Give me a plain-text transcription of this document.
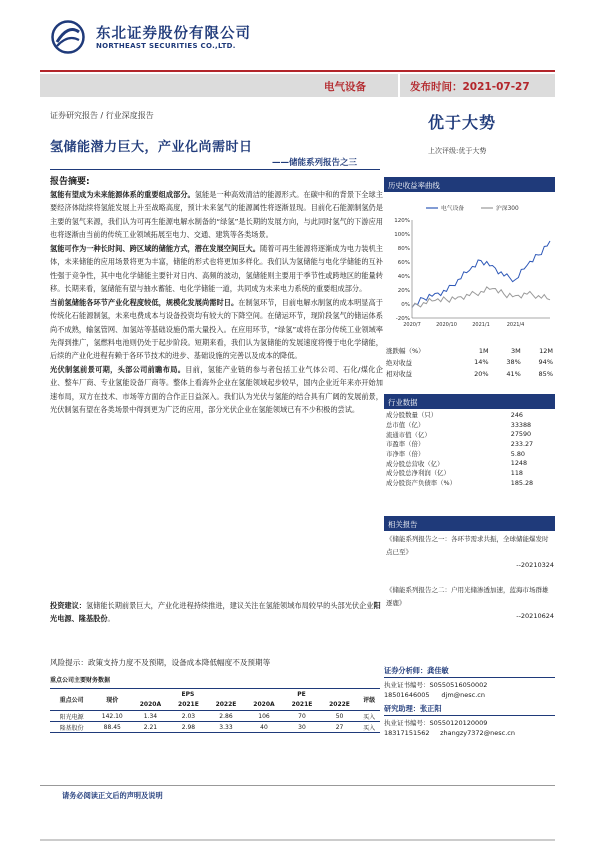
东北证券股份有限公司
NORTHEAST SECURITIES CO.,LTD.
电气设备	发布时间：2021-07-27
证券研究报告 / 行业深度报告	优于大势
上次评级:优于大势
氢储能潜力巨大，产业化尚需时日
——储能系列报告之三
报告摘要:

氢能有望成为未来能源体系的重要组成部分。氢能是一种高效清洁的能源形式。在碳中和的背景下全球主要经济体陆续将氢能发展上升至战略高度，预计未来氢气的能源属性将逐渐显现。目前化石能源制氢仍是主要的氢气来源，我们认为可再生能源电解水制备的“绿氢”是长期的发展方向，与此同时氢气的下游应用也将逐渐由当前的传统工业领域拓展至电力、交通、建筑等各类场景。

氢能可作为一种长时间、跨区域的储能方式，潜在发展空间巨大。随着可再生能源将逐渐成为电力装机主体，未来储能的应用场景将更为丰富，储能的形式也将更加多样化。我们认为氢储能与电化学储能的互补性强于竞争性，其中电化学储能主要针对日内、高频的波动，氢储能则主要用于季节性或跨地区的能量转移。长期来看，氢储能有望与抽水蓄能、电化学储能一道，共同成为未来电力系统的重要组成部分。

当前氢储能各环节产业化程度较低，规模化发展尚需时日。在制氢环节，目前电解水制氢的成本明显高于传统化石能源制氢，未来电费成本与设备投资均有较大的下降空间。在储运环节，现阶段氢气的储运体系尚不成熟，输氢管网、加氢站等基础设施仍需大量投入。在应用环节，“绿氢”或将在部分传统工业领域率先得到推广，氢燃料电池则仍处于起步阶段。短期来看，我们认为氢储能的发展速度将慢于电化学储能，后续的产业化进程有赖于各环节技术的进步、基础设施的完善以及成本的降低。

光伏制氢前景可期，头部公司前瞻布局。目前，氢能产业链的参与者包括工业气体公司、石化/煤化企业、整车厂商、专业氢能设备厂商等。整体上看海外企业在氢能领域起步较早，国内企业近年来亦开始加速布局，双方在技术、市场等方面的合作正日益深入。我们认为光伏与氢能的结合具有广阔的发展前景，光伏制氢有望在各类场景中得到更为广泛的应用，部分光伏企业在氢能领域已有不少积极的尝试。

投资建议：氢储能长期前景巨大，产业化进程持续推进，建议关注在氢能领域布局较早的头部光伏企业阳光电源、隆基股份。
风险提示：政策支持力度不及预期，设备成本降低幅度不及预期等
重点公司主要财务数据
重点公司	现价	EPS			PE			评级
		2020A	2021E	2022E	2020A	2021E	2022E	
阳光电源	142.10	1.34	2.03	2.86	106	70	50	买入
隆基股份	88.45	2.21	2.98	3.33	40	30	27	买入
历史收益率曲线
电气设备	沪深300
-20%
0%
20%
40%
60%
80%
100%
120%
2020/7	2020/10	2021/1	2021/4
涨跌幅（%）	1M	3M	12M
绝对收益	14%	38%	94%
相对收益	20%	41%	85%
行业数据
成分股数量（只）	246
总市值（亿）	33388
流通市值（亿）	27590
市盈率（倍）	233.27
市净率（倍）	5.80
成分股总营收（亿）	1248
成分股总净利润（亿）	118
成分股资产负债率（%）	185.28
相关报告
《储能系列报告之一：各环节需求共振，全球储能爆发时点已至》
--20210324
《储能系列报告之二：户用光储渗透加速，蓝海市场群雄逐鹿》
--20210624
证券分析师：龚佳敏
执业证书编号：S0550516050002
18501646005 djm@nesc.cn
研究助理：张正阳
执业证书编号：S0550120120009
18317151562 zhangzy7372@nesc.cn
请务必阅读正文后的声明及说明
